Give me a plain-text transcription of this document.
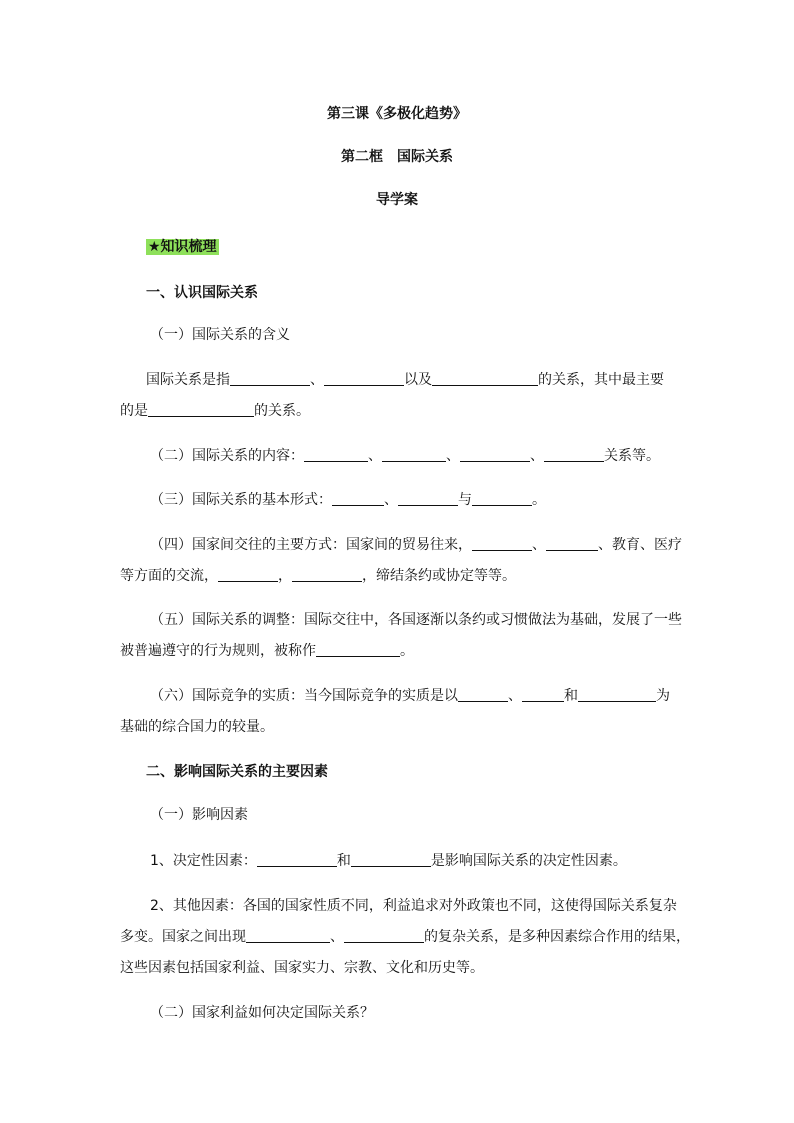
第三课《多极化趋势》
第二框　国际关系
导学案
★知识梳理
一、认识国际关系
（一）国际关系的含义
国际关系是指	、	以及	的关系，其中最主要
的是	的关系。
（二）国际关系的内容：	、	、	、	关系等。
（三）国际关系的基本形式：	、	与	。
（四）国家间交往的主要方式：国家间的贸易往来，	、	、教育、医疗
等方面的交流，	，	，缔结条约或协定等等。
（五）国际关系的调整：国际交往中，各国逐渐以条约或习惯做法为基础，发展了一些
被普遍遵守的行为规则，被称作	。
（六）国际竞争的实质：当今国际竞争的实质是以	、	和	为
基础的综合国力的较量。
二、影响国际关系的主要因素
（一）影响因素
1、决定性因素：	和	是影响国际关系的决定性因素。
2、其他因素：各国的国家性质不同，利益追求对外政策也不同，这使得国际关系复杂
多变。国家之间出现	、	的复杂关系，是多种因素综合作用的结果，
这些因素包括国家利益、国家实力、宗教、文化和历史等。
（二）国家利益如何决定国际关系？
